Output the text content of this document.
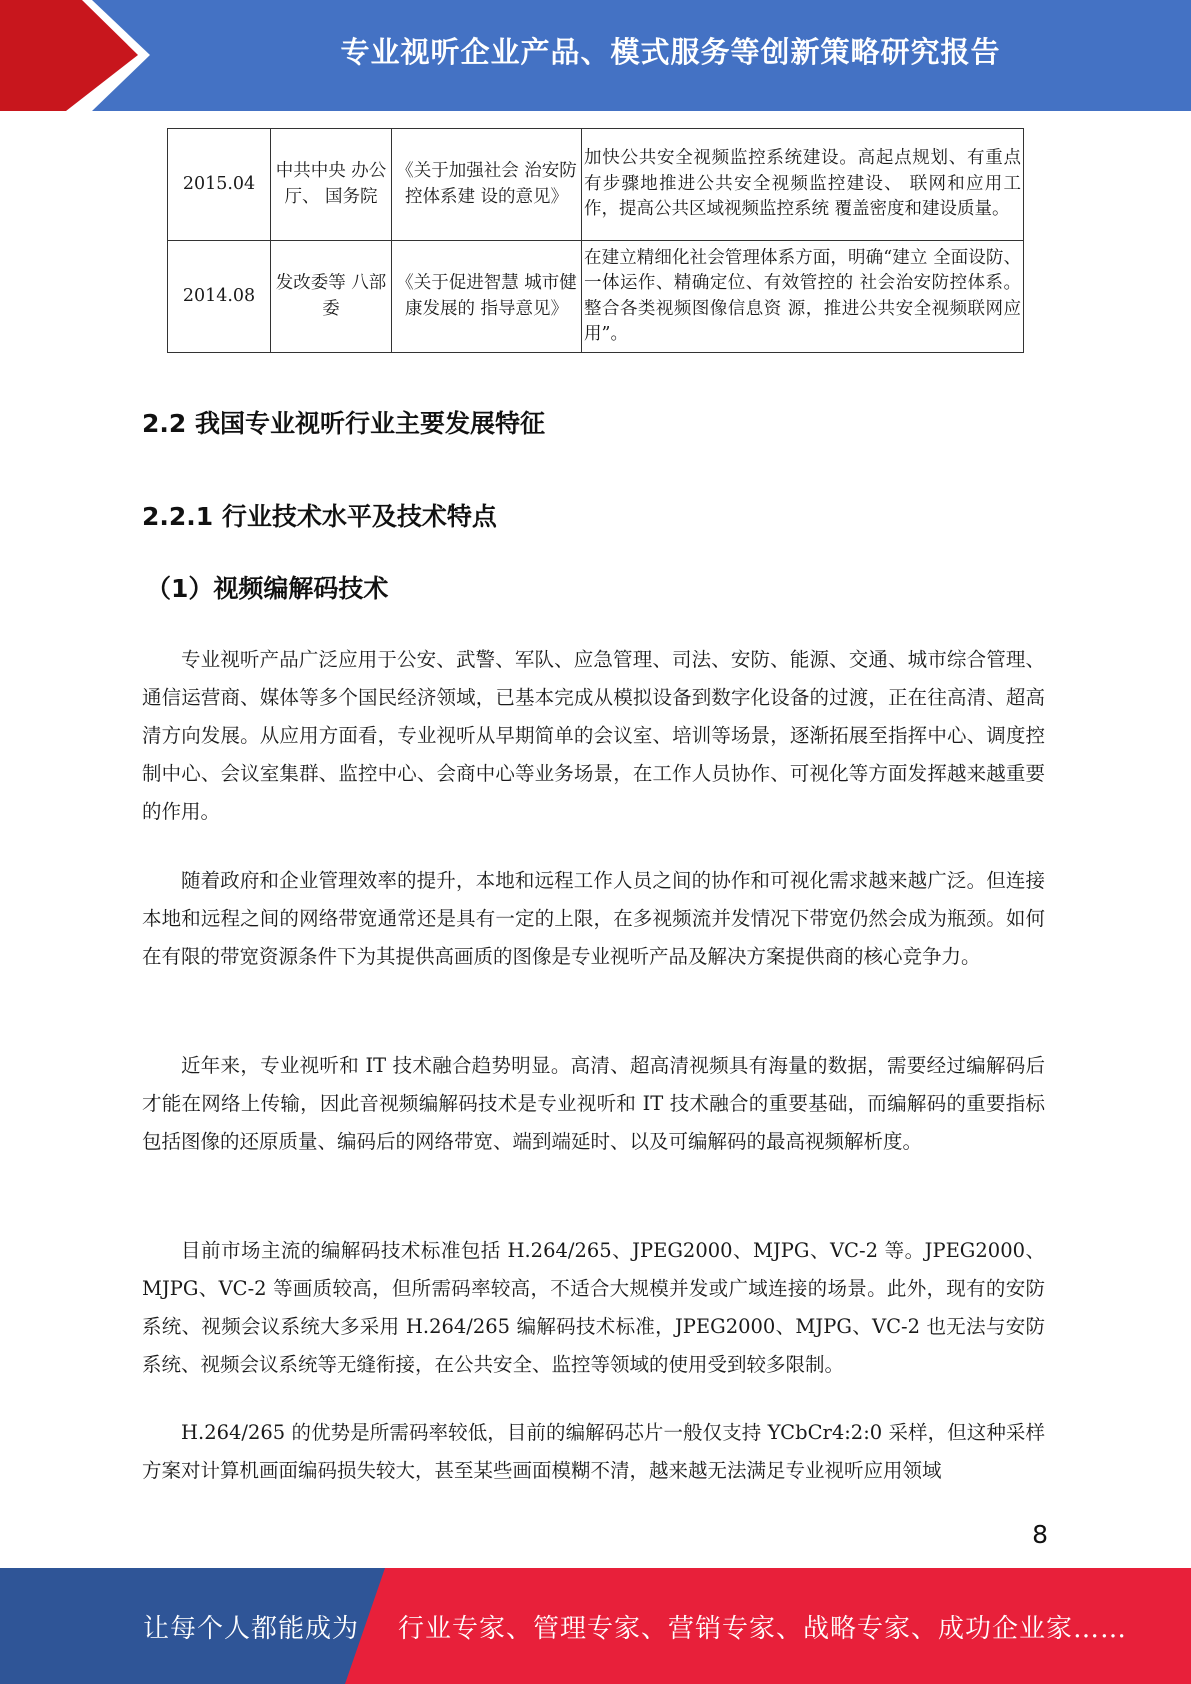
专业视听企业产品、模式服务等创新策略研究报告
2015.04	中共中央 办公厅、 国务院	《关于加强社会 治安防控体系建 设的意见》	加快公共安全视频监控系统建设。高起点规划、有重点有步骤地推进公共安全视频监控建设、 联网和应用工作，提高公共区域视频监控系统 覆盖密度和建设质量。
2014.08	发改委等 八部委	《关于促进智慧 城市健康发展的 指导意见》	在建立精细化社会管理体系方面，明确“建立 全面设防、一体运作、精确定位、有效管控的 社会治安防控体系。整合各类视频图像信息资 源，推进公共安全视频联网应用”。
2.2 我国专业视听行业主要发展特征
2.2.1 行业技术水平及技术特点
（1）视频编解码技术

专业视听产品广泛应用于公安、武警、军队、应急管理、司法、安防、能源、交通、城市综合管理、通信运营商、媒体等多个国民经济领域，已基本完成从模拟设备到数字化设备的过渡，正在往高清、超高清方向发展。从应用方面看，专业视听从早期简单的会议室、培训等场景，逐渐拓展至指挥中心、调度控制中心、会议室集群、监控中心、会商中心等业务场景，在工作人员协作、可视化等方面发挥越来越重要的作用。

随着政府和企业管理效率的提升，本地和远程工作人员之间的协作和可视化需求越来越广泛。但连接本地和远程之间的网络带宽通常还是具有一定的上限，在多视频流并发情况下带宽仍然会成为瓶颈。如何在有限的带宽资源条件下为其提供高画质的图像是专业视听产品及解决方案提供商的核心竞争力。

近年来，专业视听和 IT 技术融合趋势明显。高清、超高清视频具有海量的数据，需要经过编解码后才能在网络上传输，因此音视频编解码技术是专业视听和 IT 技术融合的重要基础，而编解码的重要指标包括图像的还原质量、编码后的网络带宽、端到端延时、以及可编解码的最高视频解析度。

目前市场主流的编解码技术标准包括 H.264/265、JPEG2000、MJPG、VC-2 等。JPEG2000、MJPG、VC-2 等画质较高，但所需码率较高，不适合大规模并发或广域连接的场景。此外，现有的安防系统、视频会议系统大多采用 H.264/265 编解码技术标准，JPEG2000、MJPG、VC-2 也无法与安防系统、视频会议系统等无缝衔接，在公共安全、监控等领域的使用受到较多限制。

H.264/265 的优势是所需码率较低，目前的编解码芯片一般仅支持 YCbCr4:2:0 采样，但这种采样方案对计算机画面编码损失较大，甚至某些画面模糊不清，越来越无法满足专业视听应用领域

8
让每个人都能成为 行业专家、管理专家、营销专家、战略专家、成功企业家……
